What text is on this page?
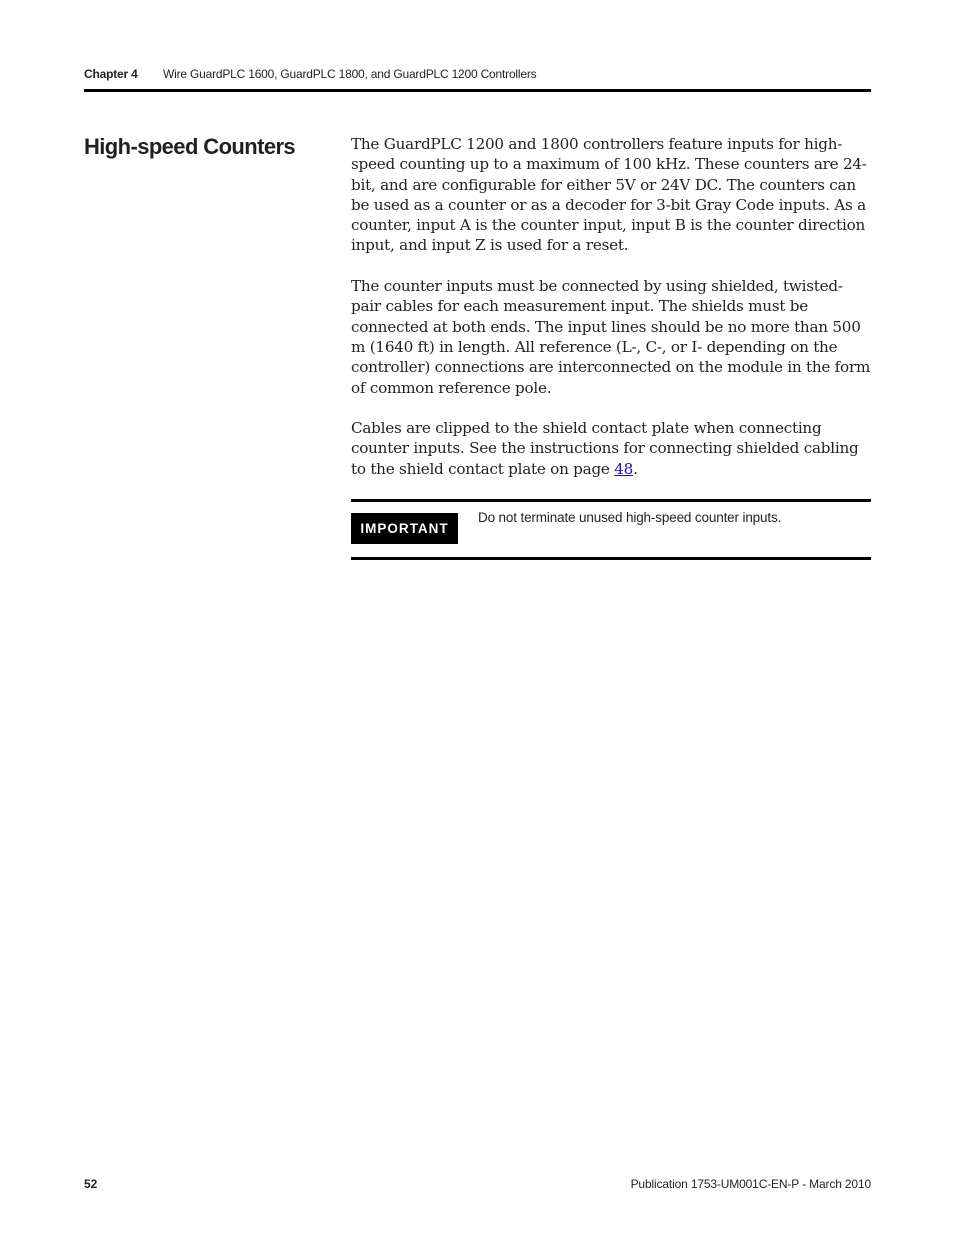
Chapter 4 Wire GuardPLC 1600, GuardPLC 1800, and GuardPLC 1200 Controllers
High-speed Counters	The GuardPLC 1200 and 1800 controllers feature inputs for high-speed counting up to a maximum of 100 kHz. These counters are 24-bit, and are configurable for either 5V or 24V DC. The counters can be used as a counter or as a decoder for 3-bit Gray Code inputs. As a counter, input A is the counter input, input B is the counter direction input, and input Z is used for a reset.

The counter inputs must be connected by using shielded, twisted-pair cables for each measurement input. The shields must be connected at both ends. The input lines should be no more than 500 m (1640 ft) in length. All reference (L-, C-, or I- depending on the controller) connections are interconnected on the module in the form of common reference pole.

Cables are clipped to the shield contact plate when connecting counter inputs. See the instructions for connecting shielded cabling to the shield contact plate on page 48.

IMPORTANT
Do not terminate unused high-speed counter inputs.
52	Publication 1753-UM001C-EN-P - March 2010
